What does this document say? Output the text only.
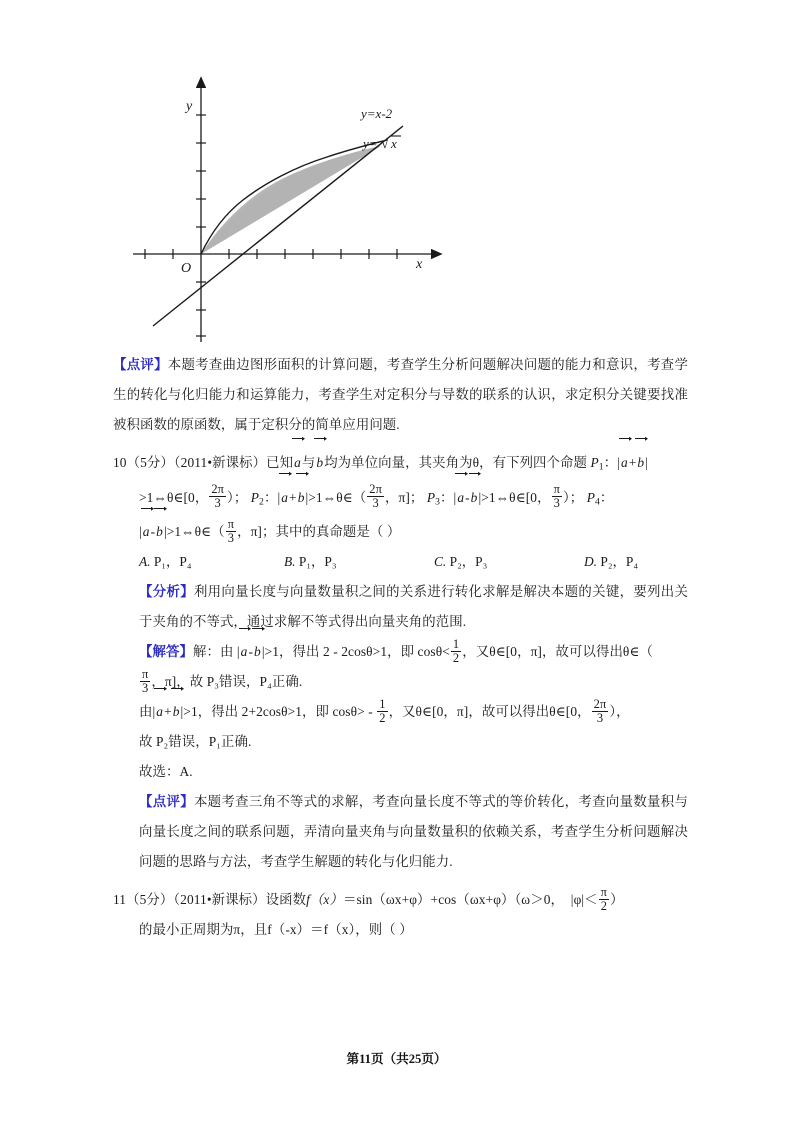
y
x
O
y=x-2
y= √ x
【点评】本题考查曲边图形面积的计算问题，考查学生分析问题解决问题的能力和意识，考查学生的转化与化归能力和运算能力，考查学生对定积分与导数的联系的认识，求定积分关键要找准被积函数的原函数，属于定积分的简单应用问题.
10（5分）（2011•新课标）已知a与b均为单位向量，其夹角为θ，有下列四个命题 $P_1$：|a+b|
>1⇔θ∈[0， $\frac{2\pi}{3}$ ）； $P_2$：|a+b|>1⇔θ∈（ $\frac{2\pi}{3}$ ，π]； $P_3$：|a-b|>1⇔θ∈[0， $\frac{\pi}{3}$ ）； $P_4$：
|a-b|>1⇔θ∈（ $\frac{\pi}{3}$ ，π]；其中的真命题是（ ）
A. P₁，P₄	B. P₁，P₃	C. P₂，P₃	D. P₂，P₄
【分析】利用向量长度与向量数量积之间的关系进行转化求解是解决本题的关键，要列出关于夹角的不等式，通过求解不等式得出向量夹角的范围.
【解答】解：由 |a-b|>1，得出 2 - 2cosθ>1，即 $\cos\theta< \frac{1}{2}$ ，又θ∈[0，π]，故可以得出θ∈（
$\frac{\pi}{3}$ ，π]，故 P₃错误，P₄正确.
由|a+b|>1，得出 2+2cosθ>1，即 $\cos\theta> - \frac{1}{2}$ ，又θ∈[0，π]，故可以得出θ∈[0， $\frac{2\pi}{3}$ ），
故 P₂错误，P₁正确.
故选：A.
【点评】本题考查三角不等式的求解，考查向量长度不等式的等价转化，考查向量数量积与向量长度之间的联系问题，弄清向量夹角与向量数量积的依赖关系，考查学生分析问题解决问题的思路与方法，考查学生解题的转化与化归能力.
11（5分）（2011•新课标）设函数f（x）＝sin（ωx+φ）+cos（ωx+φ）（ω＞0，　$|\varphi|< \frac{\pi}{2}$ ）
的最小正周期为π，且f（-x）＝f（x），则（ ）
第11页（共25页）
